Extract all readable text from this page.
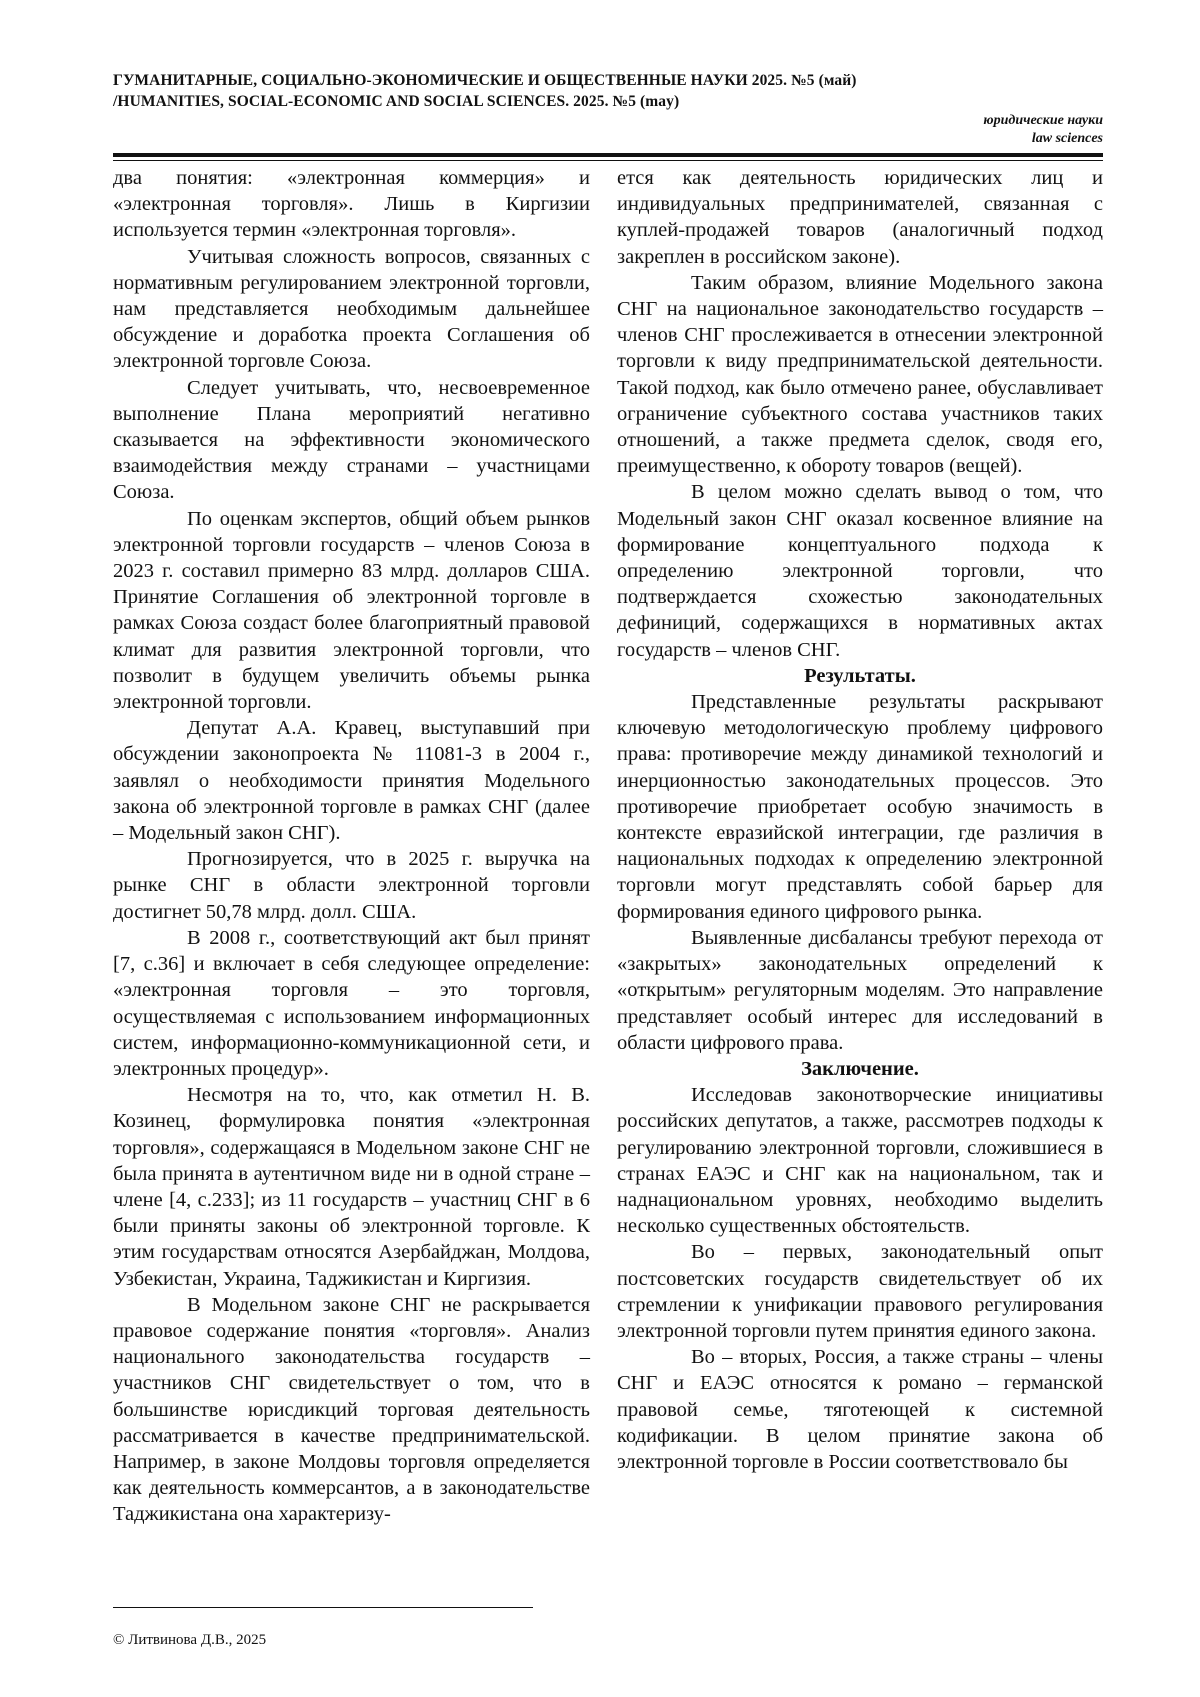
ГУМАНИТАРНЫЕ, СОЦИАЛЬНО-ЭКОНОМИЧЕСКИЕ И ОБЩЕСТВЕННЫЕ НАУКИ 2025. №5 (май)
/HUMANITIES, SOCIAL-ECONOMIC AND SOCIAL SCIENCES. 2025. №5 (may)
юридические науки
law sciences

два понятия: «электронная коммерция» и «электронная торговля». Лишь в Киргизии используется термин «электронная торговля».

Учитывая сложность вопросов, связанных с нормативным регулированием электронной торговли, нам представляется необходимым дальнейшее обсуждение и доработка проекта Соглашения об электронной торговле Союза.

Следует учитывать, что, несвоевременное выполнение Плана мероприятий негативно сказывается на эффективности экономического взаимодействия между странами – участницами Союза.

По оценкам экспертов, общий объем рынков электронной торговли государств – членов Союза в 2023 г. составил примерно 83 млрд. долларов США. Принятие Соглашения об электронной торговле в рамках Союза создаст более благоприятный правовой климат для развития электронной торговли, что позволит в будущем увеличить объемы рынка электронной торговли.

Депутат А.А. Кравец, выступавший при обсуждении законопроекта № 11081-3 в 2004 г., заявлял о необходимости принятия Модельного закона об электронной торговле в рамках СНГ (далее – Модельный закон СНГ).

Прогнозируется, что в 2025 г. выручка на рынке СНГ в области электронной торговли достигнет 50,78 млрд. долл. США.

В 2008 г., соответствующий акт был принят [7, с.36] и включает в себя следующее определение: «электронная торговля – это торговля, осуществляемая с использованием информационных систем, информационно-коммуникационной сети, и электронных процедур».

Несмотря на то, что, как отметил Н. В. Козинец, формулировка понятия «электронная торговля», содержащаяся в Модельном законе СНГ не была принята в аутентичном виде ни в одной стране – члене [4, с.233]; из 11 государств – участниц СНГ в 6 были приняты законы об электронной торговле. К этим государствам относятся Азербайджан, Молдова, Узбекистан, Украина, Таджикистан и Киргизия.

В Модельном законе СНГ не раскрывается правовое содержание понятия «торговля». Анализ национального законодательства государств – участников СНГ свидетельствует о том, что в большинстве юрисдикций торговая деятельность рассматривается в качестве предпринимательской. Например, в законе Молдовы торговля определяется как деятельность коммерсантов, а в законодательстве Таджикистана она характеризу-

ется как деятельность юридических лиц и индивидуальных предпринимателей, связанная с куплей-продажей товаров (аналогичный подход закреплен в российском законе).

Таким образом, влияние Модельного закона СНГ на национальное законодательство государств – членов СНГ прослеживается в отнесении электронной торговли к виду предпринимательской деятельности. Такой подход, как было отмечено ранее, обуславливает ограничение субъектного состава участников таких отношений, а также предмета сделок, сводя его, преимущественно, к обороту товаров (вещей).

В целом можно сделать вывод о том, что Модельный закон СНГ оказал косвенное влияние на формирование концептуального подхода к определению электронной торговли, что подтверждается схожестью законодательных дефиниций, содержащихся в нормативных актах государств – членов СНГ.

Результаты.

Представленные результаты раскрывают ключевую методологическую проблему цифрового права: противоречие между динамикой технологий и инерционностью законодательных процессов. Это противоречие приобретает особую значимость в контексте евразийской интеграции, где различия в национальных подходах к определению электронной торговли могут представлять собой барьер для формирования единого цифрового рынка.

Выявленные дисбалансы требуют перехода от «закрытых» законодательных определений к «открытым» регуляторным моделям. Это направление представляет особый интерес для исследований в области цифрового права.

Заключение.

Исследовав законотворческие инициативы российских депутатов, а также, рассмотрев подходы к регулированию электронной торговли, сложившиеся в странах ЕАЭС и СНГ как на национальном, так и наднациональном уровнях, необходимо выделить несколько существенных обстоятельств.

Во – первых, законодательный опыт постсоветских государств свидетельствует об их стремлении к унификации правового регулирования электронной торговли путем принятия единого закона.

Во – вторых, Россия, а также страны – члены СНГ и ЕАЭС относятся к романо – германской правовой семье, тяготеющей к системной кодификации. В целом принятие закона об электронной торговле в России соответствовало бы

© Литвинова Д.В., 2025
